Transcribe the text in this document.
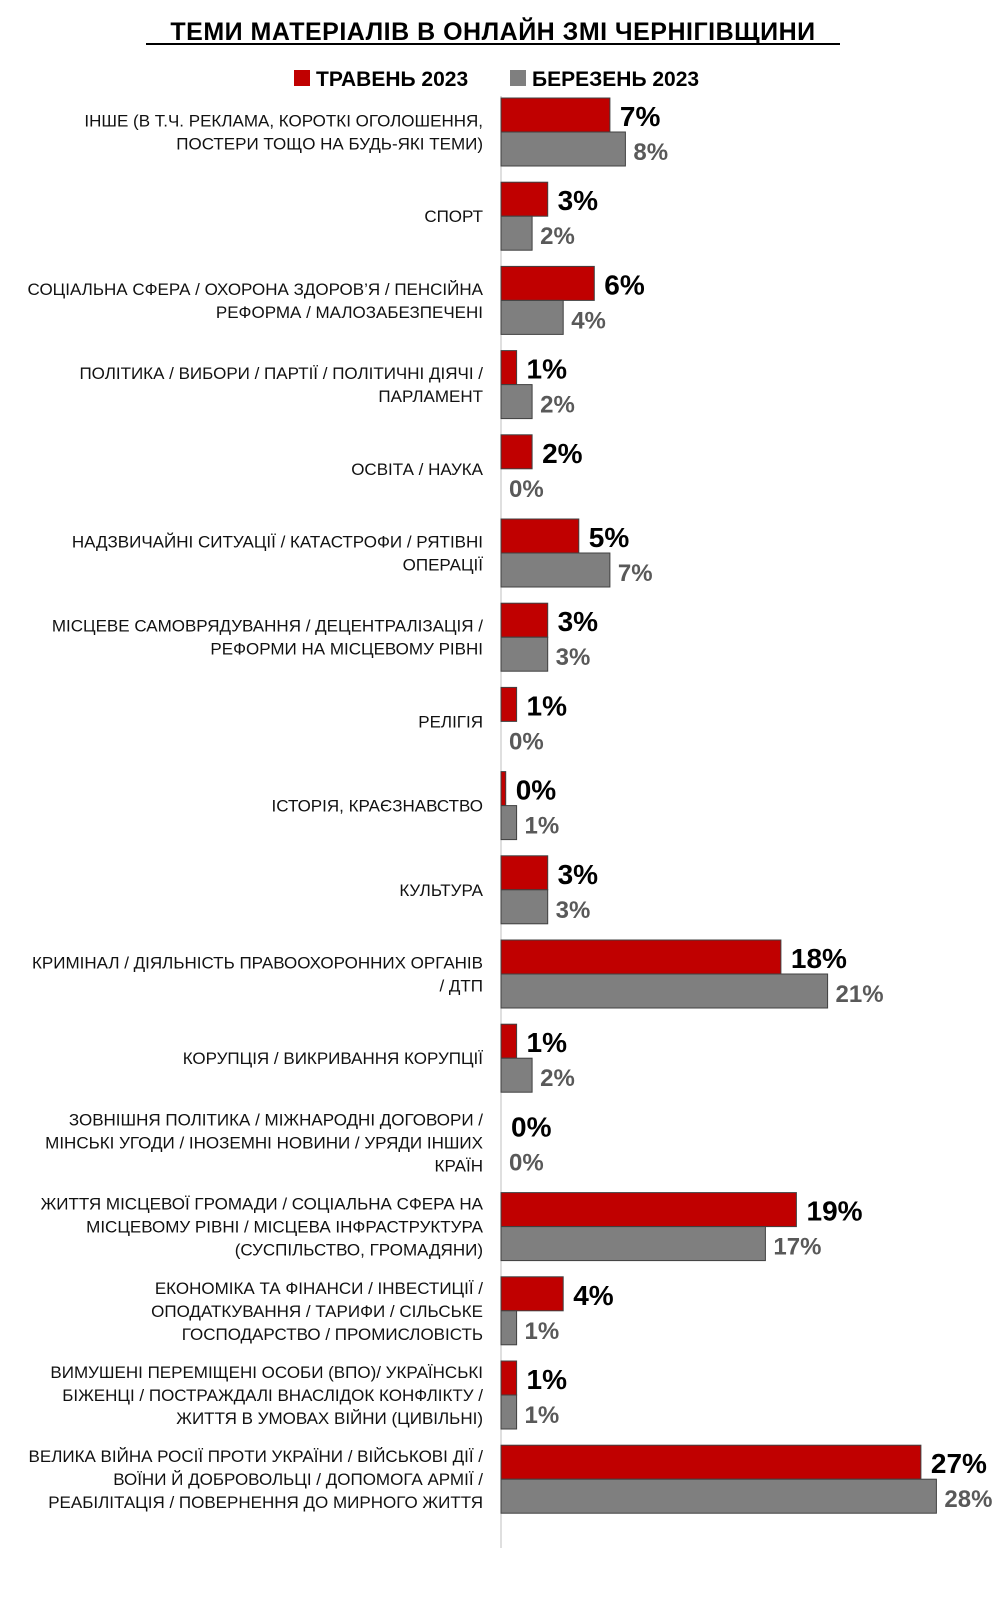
ТЕМИ МАТЕРІАЛІВ В ОНЛАЙН ЗМІ ЧЕРНІГІВЩИНИ
ТРАВЕНЬ 2023	БЕРЕЗЕНЬ 2023
ІНШЕ (В Т.Ч. РЕКЛАМА, КОРОТКІ ОГОЛОШЕННЯ, ПОСТЕРИ ТОЩО НА БУДЬ-ЯКІ ТЕМИ)
7%
8%
СПОРТ
3%
2%
СОЦІАЛЬНА СФЕРА / ОХОРОНА ЗДОРОВ’Я / ПЕНСІЙНА РЕФОРМА / МАЛОЗАБЕЗПЕЧЕНІ
6%
4%
ПОЛІТИКА / ВИБОРИ / ПАРТІЇ / ПОЛІТИЧНІ ДІЯЧІ / ПАРЛАМЕНТ
1%
2%
ОСВІТА / НАУКА
2%
0%
НАДЗВИЧАЙНІ СИТУАЦІЇ / КАТАСТРОФИ / РЯТІВНІ ОПЕРАЦІЇ
5%
7%
МІСЦЕВЕ САМОВРЯДУВАННЯ / ДЕЦЕНТРАЛІЗАЦІЯ / РЕФОРМИ НА МІСЦЕВОМУ РІВНІ
3%
3%
РЕЛІГІЯ
1%
0%
ІСТОРІЯ, КРАЄЗНАВСТВО
0%
1%
КУЛЬТУРА
3%
3%
КРИМІНАЛ / ДІЯЛЬНІСТЬ ПРАВООХОРОННИХ ОРГАНІВ / ДТП
18%
21%
КОРУПЦІЯ / ВИКРИВАННЯ КОРУПЦІЇ
1%
2%
ЗОВНІШНЯ ПОЛІТИКА / МІЖНАРОДНІ ДОГОВОРИ / МІНСЬКІ УГОДИ / ІНОЗЕМНІ НОВИНИ / УРЯДИ ІНШИХ КРАЇН
0%
0%
ЖИТТЯ МІСЦЕВОЇ ГРОМАДИ / СОЦІАЛЬНА СФЕРА НА МІСЦЕВОМУ РІВНІ / МІСЦЕВА ІНФРАСТРУКТУРА (СУСПІЛЬСТВО, ГРОМАДЯНИ)
19%
17%
ЕКОНОМІКА ТА ФІНАНСИ / ІНВЕСТИЦІЇ / ОПОДАТКУВАННЯ / ТАРИФИ / СІЛЬСЬКЕ ГОСПОДАРСТВО / ПРОМИСЛОВІСТЬ
4%
1%
ВИМУШЕНІ ПЕРЕМІЩЕНІ ОСОБИ (ВПО)/ УКРАЇНСЬКІ БІЖЕНЦІ / ПОСТРАЖДАЛІ ВНАСЛІДОК КОНФЛІКТУ / ЖИТТЯ В УМОВАХ ВІЙНИ (ЦИВІЛЬНІ)
1%
1%
ВЕЛИКА ВІЙНА РОСІЇ ПРОТИ УКРАЇНИ / ВІЙСЬКОВІ ДІЇ / ВОЇНИ Й ДОБРОВОЛЬЦІ / ДОПОМОГА АРМІЇ / РЕАБІЛІТАЦІЯ / ПОВЕРНЕННЯ ДО МИРНОГО ЖИТТЯ
27%
28%
